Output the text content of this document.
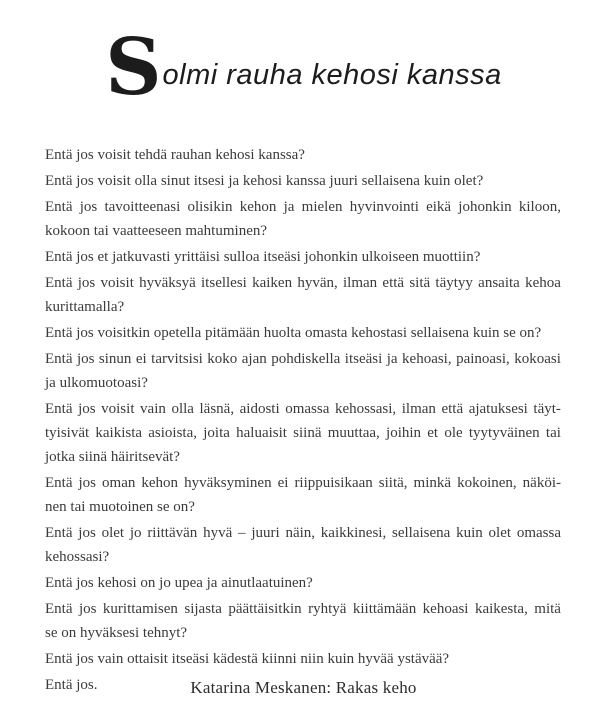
Solmi rauha kehosi kanssa
Entä jos voisit tehdä rauhan kehosi kanssa?
Entä jos voisit olla sinut itsesi ja kehosi kanssa juuri sellaisena kuin olet?
Entä jos tavoitteenasi olisikin kehon ja mielen hyvinvointi eikä johonkin kiloon,
kokoon tai vaatteeseen mahtuminen?
Entä jos et jatkuvasti yrittäisi sulloa itseäsi johonkin ulkoiseen muottiin?
Entä jos voisit hyväksyä itsellesi kaiken hyvän, ilman että sitä täytyy ansaita kehoa
kurittamalla?
Entä jos voisitkin opetella pitämään huolta omasta kehostasi sellaisena kuin se on?
Entä jos sinun ei tarvitsisi koko ajan pohdiskella itseäsi ja kehoasi, painoasi, kokoasi
ja ulkomuotoasi?
Entä jos voisit vain olla läsnä, aidosti omassa kehossasi, ilman että ajatuksesi täyt-
tyisivät kaikista asioista, joita haluaisit siinä muuttaa, joihin et ole tyytyväinen tai
jotka siinä häiritsevät?
Entä jos oman kehon hyväksyminen ei riippuisikaan siitä, minkä kokoinen, näköi-
nen tai muotoinen se on?
Entä jos olet jo riittävän hyvä – juuri näin, kaikkinesi, sellaisena kuin olet omassa
kehossasi?
Entä jos kehosi on jo upea ja ainutlaatuinen?
Entä jos kurittamisen sijasta päättäisitkin ryhtyä kiittämään kehoasi kaikesta, mitä
se on hyväksesi tehnyt?
Entä jos vain ottaisit itseäsi kädestä kiinni niin kuin hyvää ystävää?
Entä jos.	Katarina Meskanen: Rakas keho
